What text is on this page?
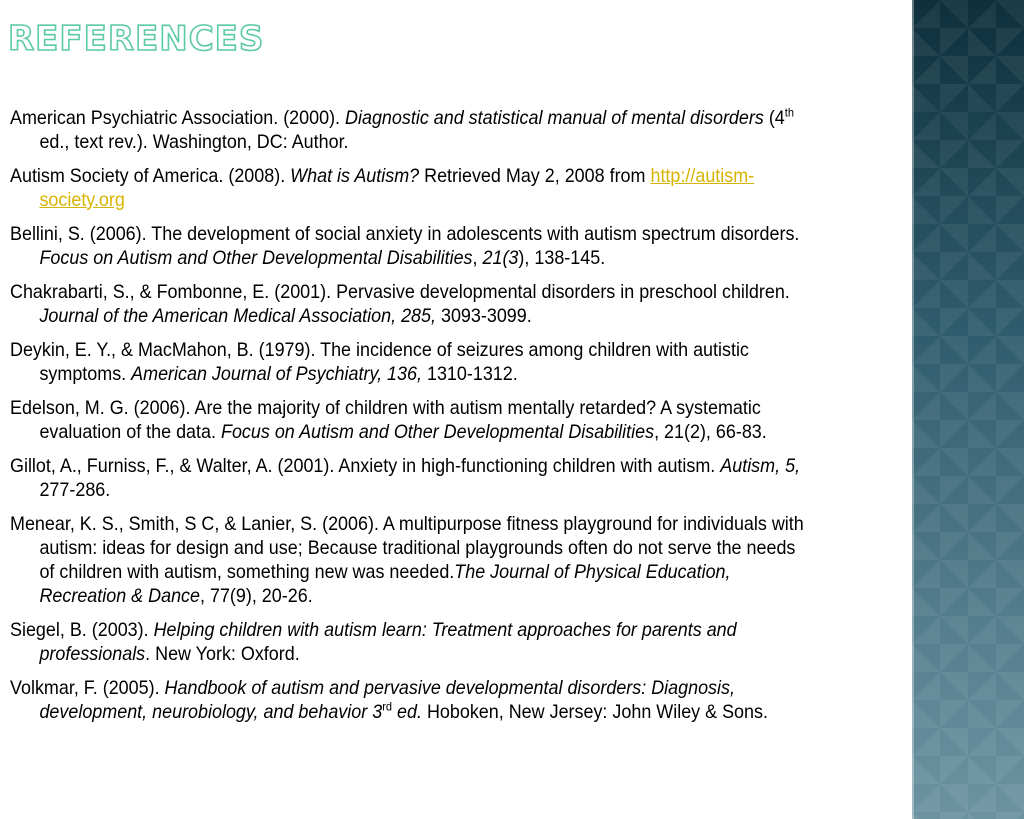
REFERENCES

American Psychiatric Association. (2000). Diagnostic and statistical manual of mental disorders (4th ed., text rev.). Washington, DC: Author.

Autism Society of America. (2008). What is Autism? Retrieved May 2, 2008 from http://autism-society.org

Bellini, S. (2006). The development of social anxiety in adolescents with autism spectrum disorders. Focus on Autism and Other Developmental Disabilities, 21(3), 138-145.

Chakrabarti, S., & Fombonne, E. (2001). Pervasive developmental disorders in preschool children. Journal of the American Medical Association, 285, 3093-3099.

Deykin, E. Y., & MacMahon, B. (1979). The incidence of seizures among children with autistic symptoms. American Journal of Psychiatry, 136, 1310-1312.

Edelson, M. G. (2006). Are the majority of children with autism mentally retarded? A systematic evaluation of the data. Focus on Autism and Other Developmental Disabilities, 21(2), 66-83.

Gillot, A., Furniss, F., & Walter, A. (2001). Anxiety in high-functioning children with autism. Autism, 5, 277-286.

Menear, K. S., Smith, S C, & Lanier, S. (2006). A multipurpose fitness playground for individuals with autism: ideas for design and use; Because traditional playgrounds often do not serve the needs of children with autism, something new was needed.The Journal of Physical Education, Recreation & Dance, 77(9), 20-26.

Siegel, B. (2003). Helping children with autism learn: Treatment approaches for parents and professionals. New York: Oxford.

Volkmar, F. (2005). Handbook of autism and pervasive developmental disorders: Diagnosis, development, neurobiology, and behavior 3rd ed. Hoboken, New Jersey: John Wiley & Sons.
